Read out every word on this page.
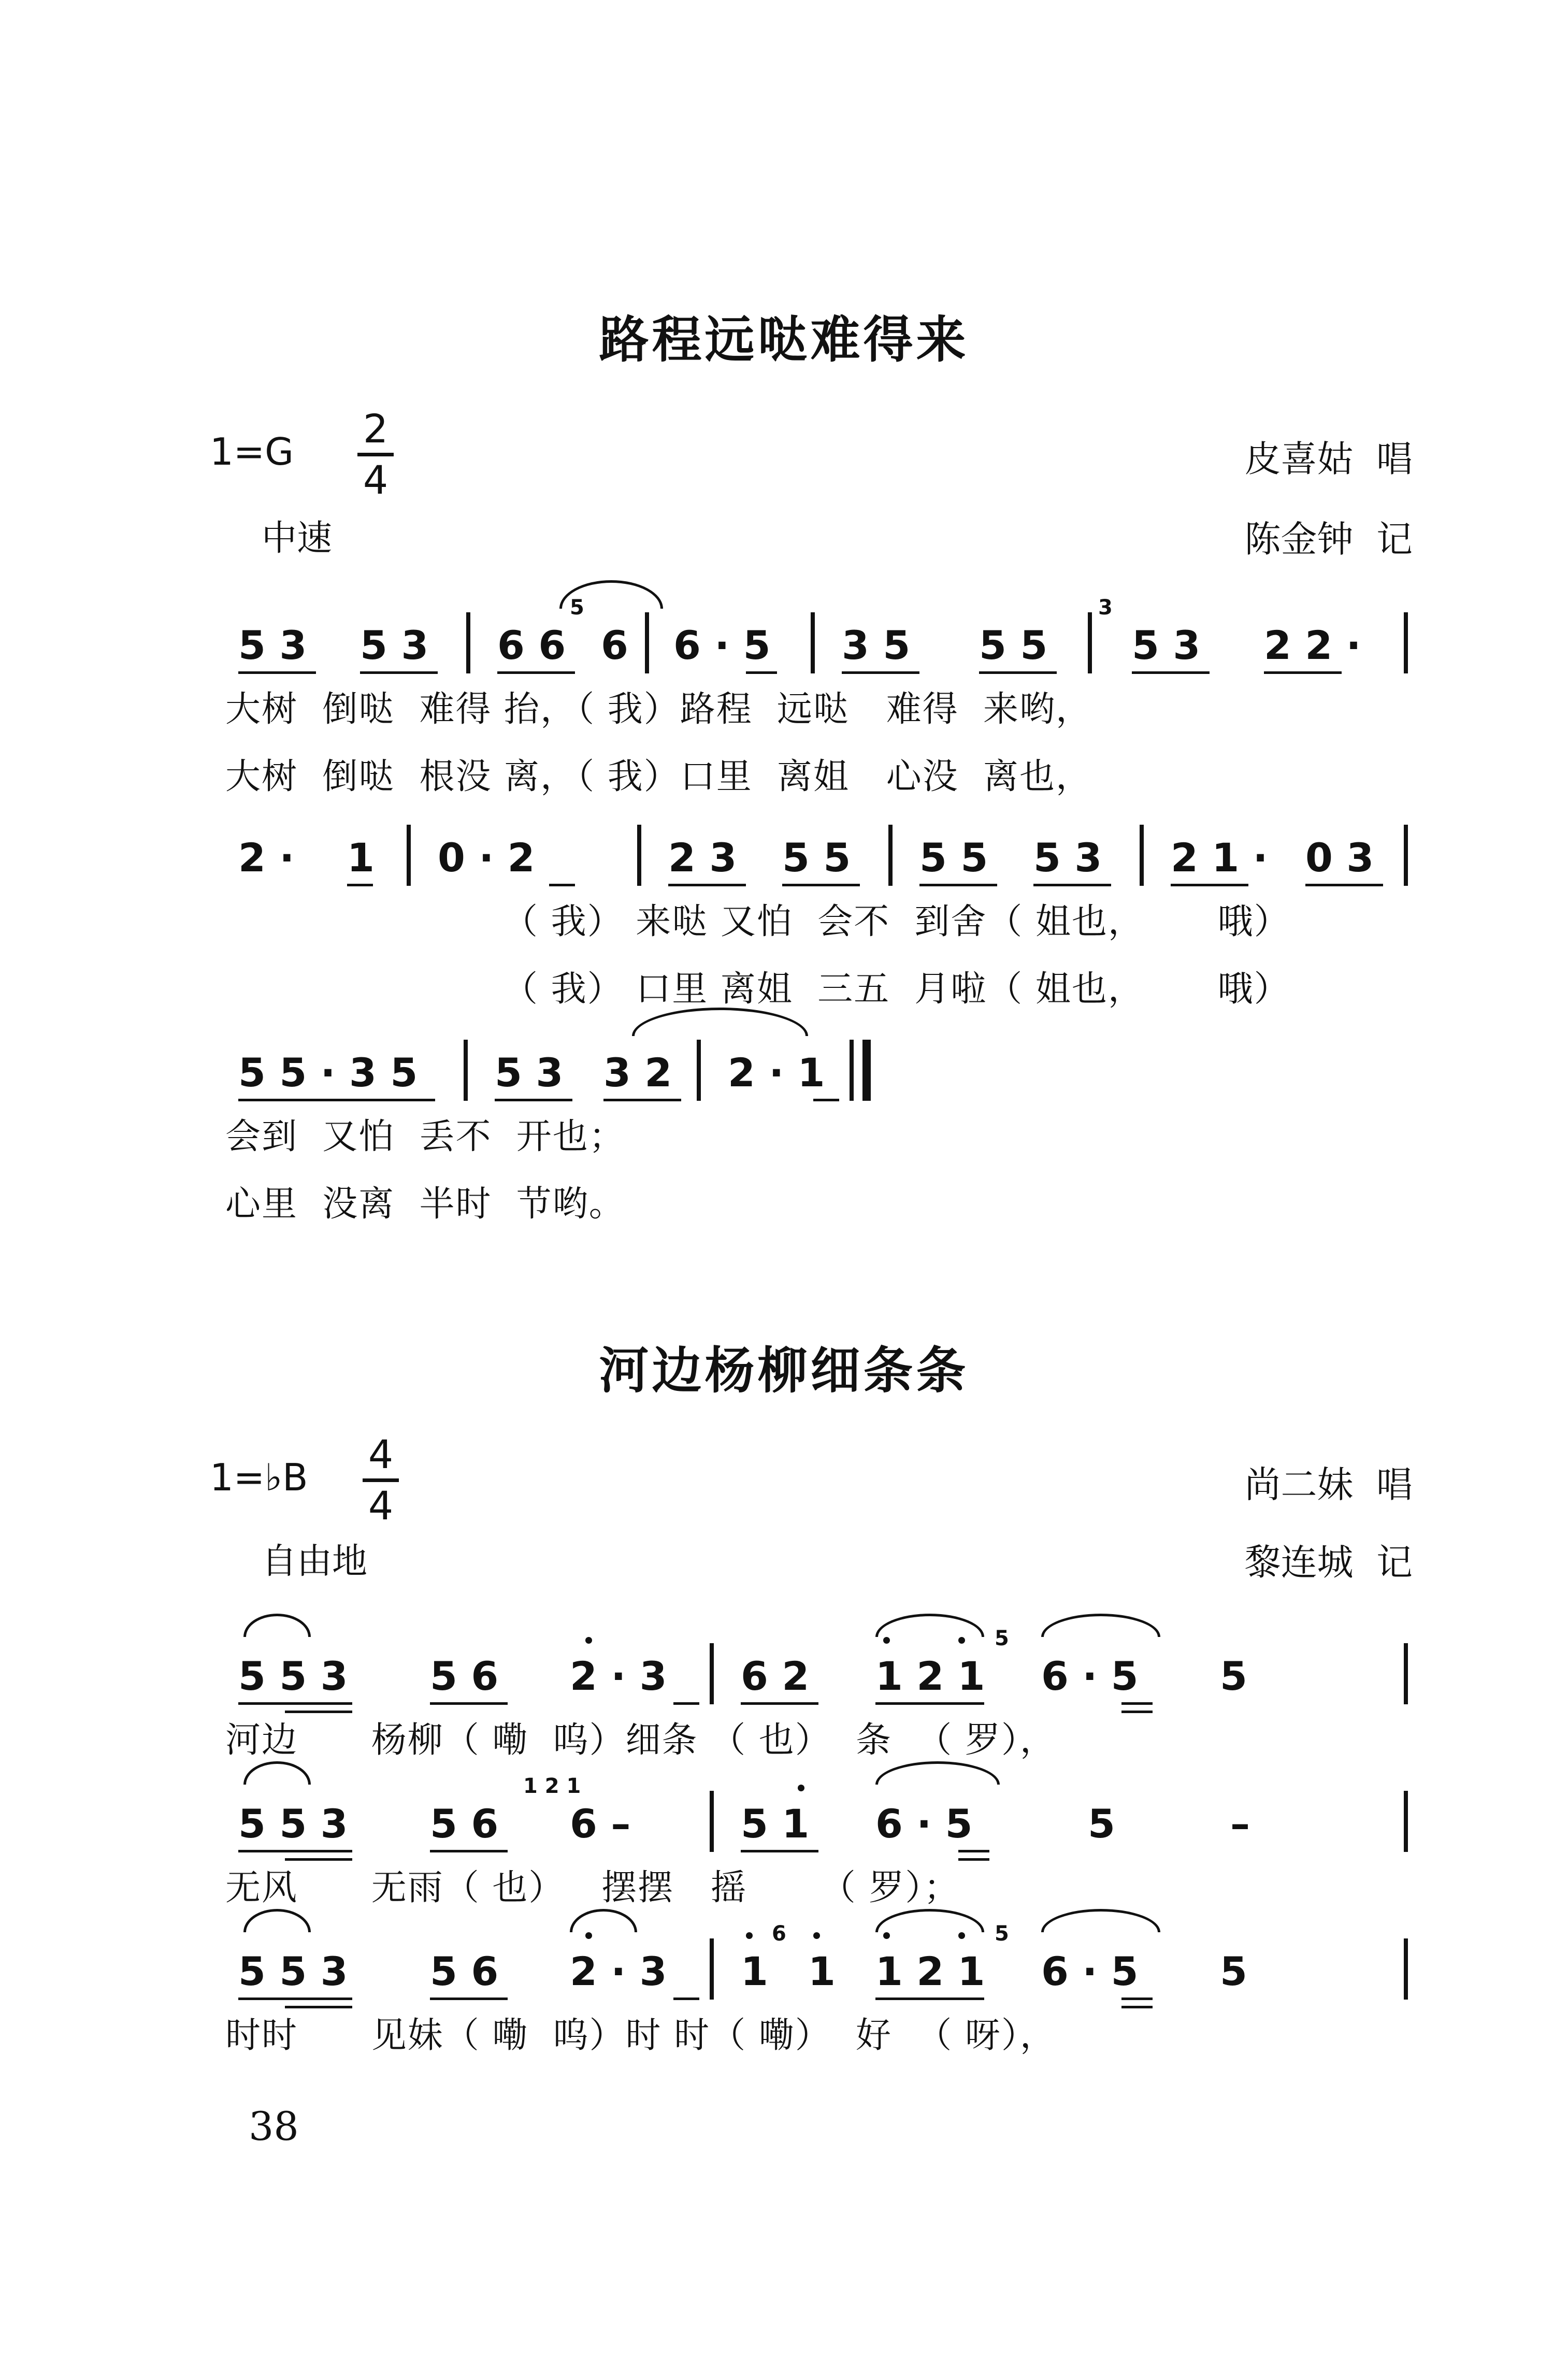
路程远哒难得来
1=G 2
4
中速
皮喜姑  唱
陈金钟  记
5 3 5 3 6 6
5
6 6 · 5 3 5 5 5
3
5 3 2 2 ·
大树  倒哒  难得 抬，（ 我）路程  远哒   难得  来哟，
大树  倒哒  根没 离，（ 我）口里  离姐   心没  离也，
2 · 1 0 · 2	2 3 5 5 5 5 5 3 2 1 · 0 3
（ 我） 来哒 又怕  会不  到舍（ 姐也，      哦）
（ 我） 口里 离姐  三五  月啦（ 姐也，      哦）
5 5 · 3 5 5 3 3 2 2 · 1
会到  又怕  丢不  开也；
心里  没离  半时  节哟。
河边杨柳细条条
1=♭B 4
4
自由地
尚二妹  唱
黎连城  记
5 5 3 5 6 2 · 3 6 2 1 2 1
5
6 · 5 5
河边      杨柳（ 嘞  呜）细条 （ 也）  条  （ 罗），
5 5 3 5 6
1 2 1
6 –	5 1 6 · 5	5	–
无风      无雨（ 也）   摆摆   摇      （ 罗）；
5 5 3 5 6 2 · 3 1
6
1 1 2 1
5
6 · 5 5
时时      见妹（ 嘞  呜）时 时（ 嘞）  好  （ 呀），
38
